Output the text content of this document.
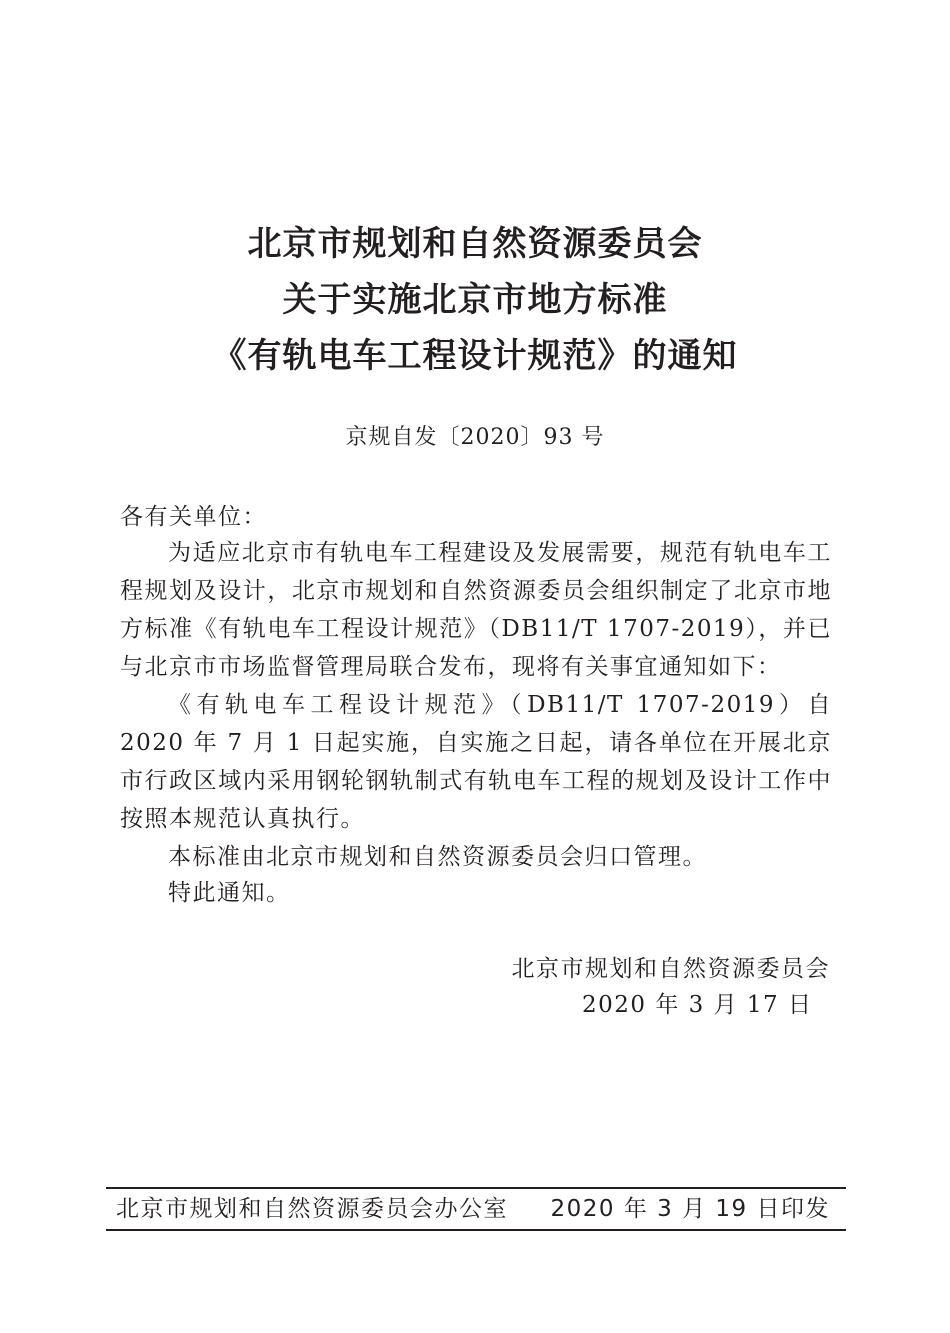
北京市规划和自然资源委员会
关于实施北京市地方标准
《有轨电车工程设计规范》的通知
京规自发〔2020〕93 号
各有关单位：
为适应北京市有轨电车工程建设及发展需要，规范有轨电车工程规划及设计，北京市规划和自然资源委员会组织制定了北京市地方标准《有轨电车工程设计规范》（DB11/T 1707-2019），并已与北京市市场监督管理局联合发布，现将有关事宜通知如下：
《有轨电车工程设计规范》（DB11/T 1707-2019）自 2020 年 7 月 1 日起实施，自实施之日起，请各单位在开展北京市行政区域内采用钢轮钢轨制式有轨电车工程的规划及设计工作中按照本规范认真执行。
本标准由北京市规划和自然资源委员会归口管理。
特此通知。
北京市规划和自然资源委员会
2020 年 3 月 17 日
北京市规划和自然资源委员会办公室 2020 年 3 月 19 日印发
